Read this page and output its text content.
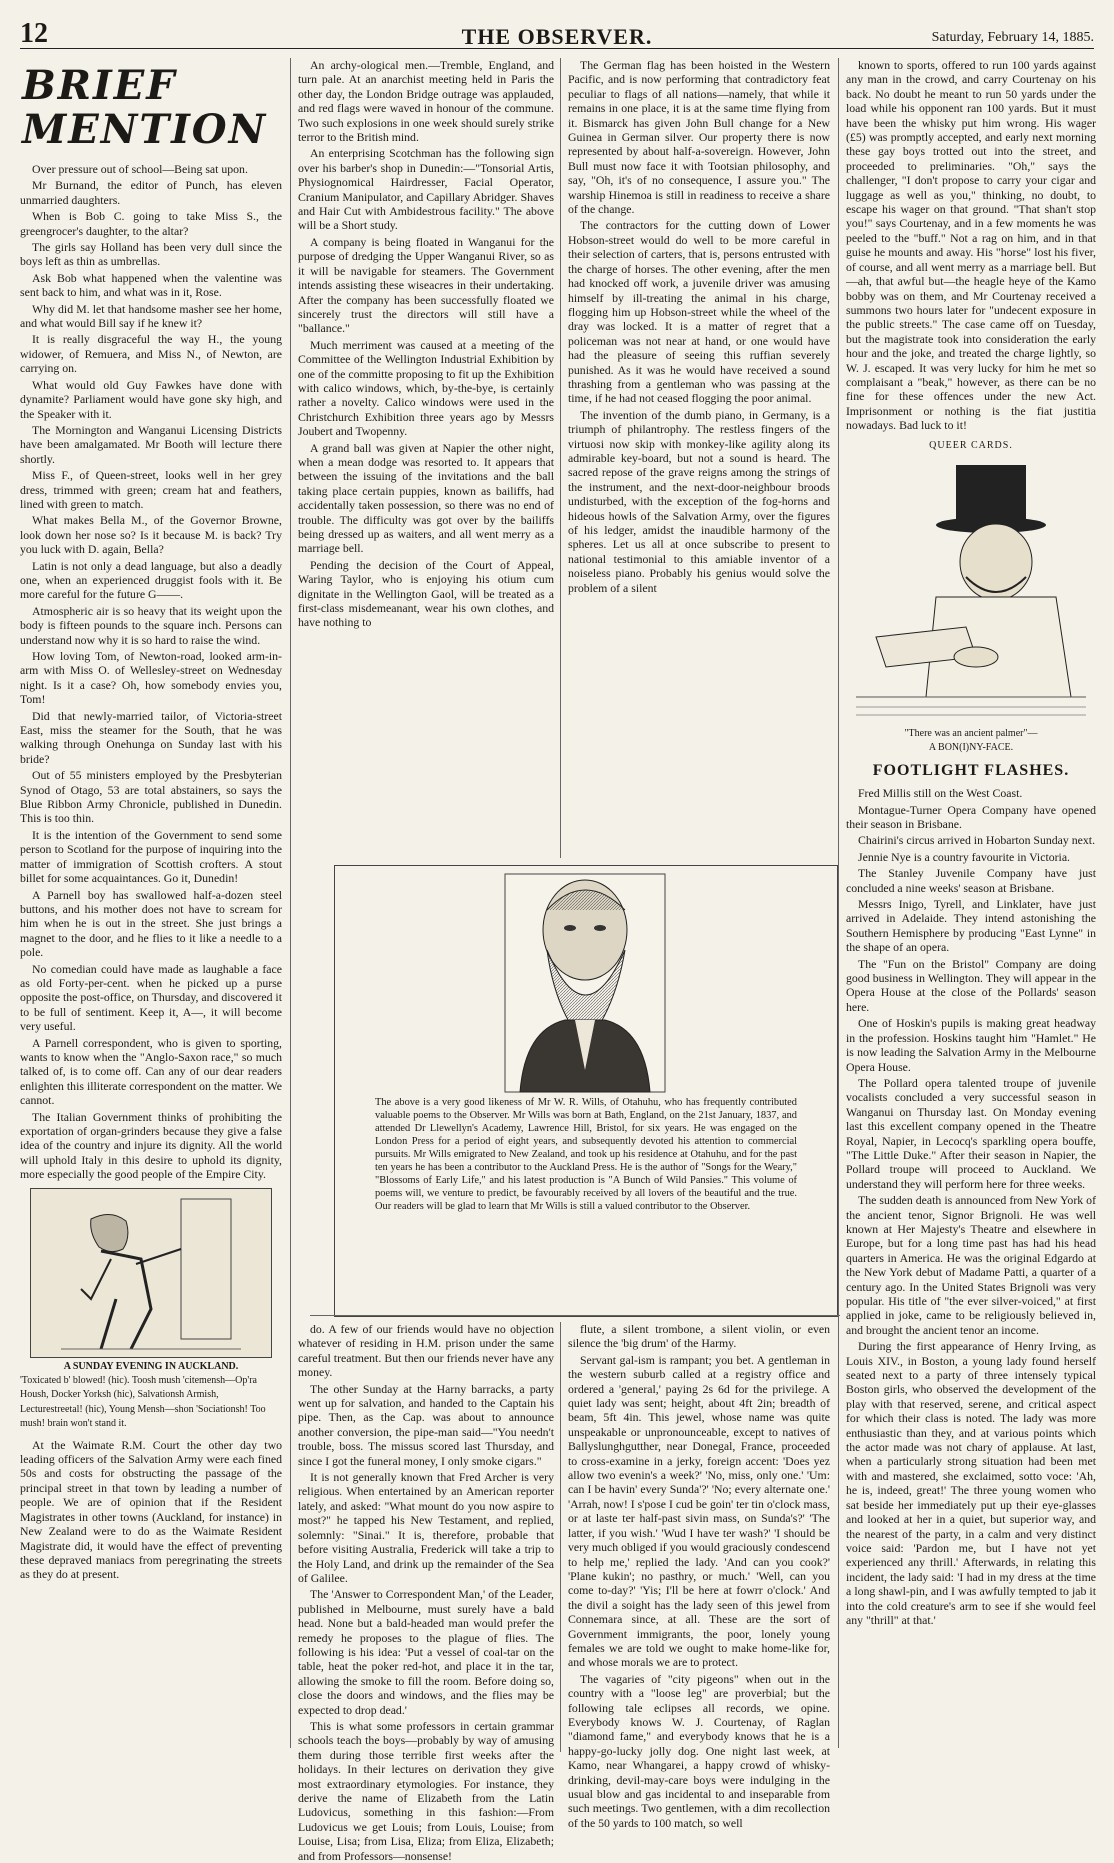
12	THE OBSERVER.	Saturday, February 14, 1885.
BRIEF MENTION

Over pressure out of school—Being sat upon.

Mr Burnand, the editor of Punch, has eleven unmarried daughters.

When is Bob C. going to take Miss S., the greengrocer's daughter, to the altar?

The girls say Holland has been very dull since the boys left as thin as umbrellas.

Ask Bob what happened when the valentine was sent back to him, and what was in it, Rose.

Why did M. let that handsome masher see her home, and what would Bill say if he knew it?

It is really disgraceful the way H., the young widower, of Remuera, and Miss N., of Newton, are carrying on.

What would old Guy Fawkes have done with dynamite? Parliament would have gone sky high, and the Speaker with it.

The Mornington and Wanganui Licensing Districts have been amalgamated. Mr Booth will lecture there shortly.

Miss F., of Queen-street, looks well in her grey dress, trimmed with green; cream hat and feathers, lined with green to match.

What makes Bella M., of the Governor Browne, look down her nose so? Is it because M. is back? Try you luck with D. again, Bella?

Latin is not only a dead language, but also a deadly one, when an experienced druggist fools with it. Be more careful for the future G——.

Atmospheric air is so heavy that its weight upon the body is fifteen pounds to the square inch. Persons can understand now why it is so hard to raise the wind.

How loving Tom, of Newton-road, looked arm-in-arm with Miss O. of Wellesley-street on Wednesday night. Is it a case? Oh, how somebody envies you, Tom!

Did that newly-married tailor, of Victoria-street East, miss the steamer for the South, that he was walking through Onehunga on Sunday last with his bride?

Out of 55 ministers employed by the Presbyterian Synod of Otago, 53 are total abstainers, so says the Blue Ribbon Army Chronicle, published in Dunedin. This is too thin.

It is the intention of the Government to send some person to Scotland for the purpose of inquiring into the matter of immigration of Scottish crofters. A stout billet for some acquaintances. Go it, Dunedin!

A Parnell boy has swallowed half-a-dozen steel buttons, and his mother does not have to scream for him when he is out in the street. She just brings a magnet to the door, and he flies to it like a needle to a pole.

No comedian could have made as laughable a face as old Forty-per-cent. when he picked up a purse opposite the post-office, on Thursday, and discovered it to be full of sentiment. Keep it, A—, it will become very useful.

A Parnell correspondent, who is given to sporting, wants to know when the "Anglo-Saxon race," so much talked of, is to come off. Can any of our dear readers enlighten this illiterate correspondent on the matter. We cannot.

The Italian Government thinks of prohibiting the exportation of organ-grinders because they give a false idea of the country and injure its dignity. All the world will uphold Italy in this desire to uphold its dignity, more especially the good people of the Empire City.

A SUNDAY EVENING IN AUCKLAND.
'Toxicated b' blowed! (hic). Toosh mush 'citemensh—Op'ra Housh, Docker Yorksh (hic), Salvationsh Armish, Lecturestreetal! (hic), Young Mensh—shon 'Sociationsh! Too mush! brain won't stand it.

At the Waimate R.M. Court the other day two leading officers of the Salvation Army were each fined 50s and costs for obstructing the passage of the principal street in that town by leading a number of people. We are of opinion that if the Resident Magistrates in other towns (Auckland, for instance) in New Zealand were to do as the Waimate Resident Magistrate did, it would have the effect of preventing these depraved maniacs from peregrinating the streets as they do at present.

An archy-ological men.—Tremble, England, and turn pale. At an anarchist meeting held in Paris the other day, the London Bridge outrage was applauded, and red flags were waved in honour of the commune. Two such explosions in one week should surely strike terror to the British mind.

An enterprising Scotchman has the following sign over his barber's shop in Dunedin:—"Tonsorial Artis, Physiognomical Hairdresser, Facial Operator, Cranium Manipulator, and Capillary Abridger. Shaves and Hair Cut with Ambidestrous facility." The above will be a Short study.

A company is being floated in Wanganui for the purpose of dredging the Upper Wanganui River, so as it will be navigable for steamers. The Government intends assisting these wiseacres in their undertaking. After the company has been successfully floated we sincerely trust the directors will still have a "ballance."

Much merriment was caused at a meeting of the Committee of the Wellington Industrial Exhibition by one of the committe proposing to fit up the Exhibition with calico windows, which, by-the-bye, is certainly rather a novelty. Calico windows were used in the Christchurch Exhibition three years ago by Messrs Joubert and Twopenny.

A grand ball was given at Napier the other night, when a mean dodge was resorted to. It appears that between the issuing of the invitations and the ball taking place certain puppies, known as bailiffs, had accidentally taken possession, so there was no end of trouble. The difficulty was got over by the bailiffs being dressed up as waiters, and all went merry as a marriage bell.

Pending the decision of the Court of Appeal, Waring Taylor, who is enjoying his otium cum dignitate in the Wellington Gaol, will be treated as a first-class misdemeanant, wear his own clothes, and have nothing to

The German flag has been hoisted in the Western Pacific, and is now performing that contradictory feat peculiar to flags of all nations—namely, that while it remains in one place, it is at the same time flying from it. Bismarck has given John Bull change for a New Guinea in German silver. Our property there is now represented by about half-a-sovereign. However, John Bull must now face it with Tootsian philosophy, and say, "Oh, it's of no consequence, I assure you." The warship Hinemoa is still in readiness to receive a share of the change.

The contractors for the cutting down of Lower Hobson-street would do well to be more careful in their selection of carters, that is, persons entrusted with the charge of horses. The other evening, after the men had knocked off work, a juvenile driver was amusing himself by ill-treating the animal in his charge, flogging him up Hobson-street while the wheel of the dray was locked. It is a matter of regret that a policeman was not near at hand, or one would have had the pleasure of seeing this ruffian severely punished. As it was he would have received a sound thrashing from a gentleman who was passing at the time, if he had not ceased flogging the poor animal.

The invention of the dumb piano, in Germany, is a triumph of philantrophy. The restless fingers of the virtuosi now skip with monkey-like agility along its admirable key-board, but not a sound is heard. The sacred repose of the grave reigns among the strings of the instrument, and the next-door-neighbour broods undisturbed, with the exception of the fog-horns and hideous howls of the Salvation Army, over the figures of his ledger, amidst the inaudible harmony of the spheres. Let us all at once subscribe to present to national testimonial to this amiable inventor of a noiseless piano. Probably his genius would solve the problem of a silent

The above is a very good likeness of Mr W. R. Wills, of Otahuhu, who has frequently contributed valuable poems to the Observer. Mr Wills was born at Bath, England, on the 21st January, 1837, and attended Dr Llewellyn's Academy, Lawrence Hill, Bristol, for six years. He was engaged on the London Press for a period of eight years, and subsequently devoted his attention to commercial pursuits. Mr Wills emigrated to New Zealand, and took up his residence at Otahuhu, and for the past ten years he has been a contributor to the Auckland Press. He is the author of "Songs for the Weary," "Blossoms of Early Life," and his latest production is "A Bunch of Wild Pansies." This volume of poems will, we venture to predict, be favourably received by all lovers of the beautiful and the true. Our readers will be glad to learn that Mr Wills is still a valued contributor to the Observer.

do. A few of our friends would have no objection whatever of residing in H.M. prison under the same careful treatment. But then our friends never have any money.

The other Sunday at the Harny barracks, a party went up for salvation, and handed to the Captain his pipe. Then, as the Cap. was about to announce another conversion, the pipe-man said—"You needn't trouble, boss. The missus scored last Thursday, and since I got the funeral money, I only smoke cigars."

It is not generally known that Fred Archer is very religious. When entertained by an American reporter lately, and asked: "What mount do you now aspire to most?" he tapped his New Testament, and replied, solemnly: "Sinai." It is, therefore, probable that before visiting Australia, Frederick will take a trip to the Holy Land, and drink up the remainder of the Sea of Galilee.

The 'Answer to Correspondent Man,' of the Leader, published in Melbourne, must surely have a bald head. None but a bald-headed man would prefer the remedy he proposes to the plague of flies. The following is his idea: 'Put a vessel of coal-tar on the table, heat the poker red-hot, and place it in the tar, allowing the smoke to fill the room. Before doing so, close the doors and windows, and the flies may be expected to drop dead.'

This is what some professors in certain grammar schools teach the boys—probably by way of amusing them during those terrible first weeks after the holidays. In their lectures on derivation they give most extraordinary etymologies. For instance, they derive the name of Elizabeth from the Latin Ludovicus, something in this fashion:—From Ludovicus we get Louis; from Louis, Louise; from Louise, Lisa; from Lisa, Eliza; from Eliza, Elizabeth; and from Professors—nonsense!

flute, a silent trombone, a silent violin, or even silence the 'big drum' of the Harmy.

Servant gal-ism is rampant; you bet. A gentleman in the western suburb called at a registry office and ordered a 'general,' paying 2s 6d for the privilege. A quiet lady was sent; height, about 4ft 2in; breadth of beam, 5ft 4in. This jewel, whose name was quite unspeakable or unpronounceable, except to natives of Ballyslunghgutther, near Donegal, France, proceeded to cross-examine in a jerky, foreign accent: 'Does yez allow two evenin's a week?' 'No, miss, only one.' 'Um: can I be havin' every Sunda'?' 'No; every alternate one.' 'Arrah, now! I s'pose I cud be goin' ter tin o'clock mass, or at laste ter half-past sivin mass, on Sunda's?' 'The latter, if you wish.' 'Wud I have ter wash?' 'I should be very much obliged if you would graciously condescend to help me,' replied the lady. 'And can you cook?' 'Plane kukin'; no pasthry, or much.' 'Well, can you come to-day?' 'Yis; I'll be here at fowrr o'clock.' And the divil a soight has the lady seen of this jewel from Connemara since, at all. These are the sort of Government immigrants, the poor, lonely young females we are told we ought to make home-like for, and whose morals we are to protect.

The vagaries of "city pigeons" when out in the country with a "loose leg" are proverbial; but the following tale eclipses all records, we opine. Everybody knows W. J. Courtenay, of Raglan "diamond fame," and everybody knows that he is a happy-go-lucky jolly dog. One night last week, at Kamo, near Whangarei, a happy crowd of whisky-drinking, devil-may-care boys were indulging in the usual blow and gas incidental to and inseparable from such meetings. Two gentlemen, with a dim recollection of the 50 yards to 100 match, so well

known to sports, offered to run 100 yards against any man in the crowd, and carry Courtenay on his back. No doubt he meant to run 50 yards under the load while his opponent ran 100 yards. But it must have been the whisky put him wrong. His wager (£5) was promptly accepted, and early next morning these gay boys trotted out into the street, and proceeded to preliminaries. "Oh," says the challenger, "I don't propose to carry your cigar and luggage as well as you," thinking, no doubt, to escape his wager on that ground. "That shan't stop you!" says Courtenay, and in a few moments he was peeled to the "buff." Not a rag on him, and in that guise he mounts and away. His "horse" lost his fiver, of course, and all went merry as a marriage bell. But—ah, that awful but—the heagle heye of the Kamo bobby was on them, and Mr Courtenay received a summons two hours later for "undecent exposure in the public streets." The case came off on Tuesday, but the magistrate took into consideration the early hour and the joke, and treated the charge lightly, so W. J. escaped. It was very lucky for him he met so complaisant a "beak," however, as there can be no fine for these offences under the new Act. Imprisonment or nothing is the fiat justitia nowadays. Bad luck to it!

QUEER CARDS.
"There was an ancient palmer"—
A BON(I)NY-FACE.
FOOTLIGHT FLASHES.

Fred Millis still on the West Coast.

Montague-Turner Opera Company have opened their season in Brisbane.

Chairini's circus arrived in Hobarton Sunday next.

Jennie Nye is a country favourite in Victoria.

The Stanley Juvenile Company have just concluded a nine weeks' season at Brisbane.

Messrs Inigo, Tyrell, and Linklater, have just arrived in Adelaide. They intend astonishing the Southern Hemisphere by producing "East Lynne" in the shape of an opera.

The "Fun on the Bristol" Company are doing good business in Wellington. They will appear in the Opera House at the close of the Pollards' season here.

One of Hoskin's pupils is making great headway in the profession. Hoskins taught him "Hamlet." He is now leading the Salvation Army in the Melbourne Opera House.

The Pollard opera talented troupe of juvenile vocalists concluded a very successful season in Wanganui on Thursday last. On Monday evening last this excellent company opened in the Theatre Royal, Napier, in Lecocq's sparkling opera bouffe, "The Little Duke." After their season in Napier, the Pollard troupe will proceed to Auckland. We understand they will perform here for three weeks.

The sudden death is announced from New York of the ancient tenor, Signor Brignoli. He was well known at Her Majesty's Theatre and elsewhere in Europe, but for a long time past has had his head quarters in America. He was the original Edgardo at the New York debut of Madame Patti, a quarter of a century ago. In the United States Brignoli was very popular. His title of "the ever silver-voiced," at first applied in joke, came to be religiously believed in, and brought the ancient tenor an income.

During the first appearance of Henry Irving, as Louis XIV., in Boston, a young lady found herself seated next to a party of three intensely typical Boston girls, who observed the development of the play with that reserved, serene, and critical aspect for which their class is noted. The lady was more enthusiastic than they, and at various points which the actor made was not chary of applause. At last, when a particularly strong situation had been met with and mastered, she exclaimed, sotto voce: 'Ah, he is, indeed, great!' The three young women who sat beside her immediately put up their eye-glasses and looked at her in a quiet, but superior way, and the nearest of the party, in a calm and very distinct voice said: 'Pardon me, but I have not yet experienced any thrill.' Afterwards, in relating this incident, the lady said: 'I had in my dress at the time a long shawl-pin, and I was awfully tempted to jab it into the cold creature's arm to see if she would feel any "thrill" at that.'
